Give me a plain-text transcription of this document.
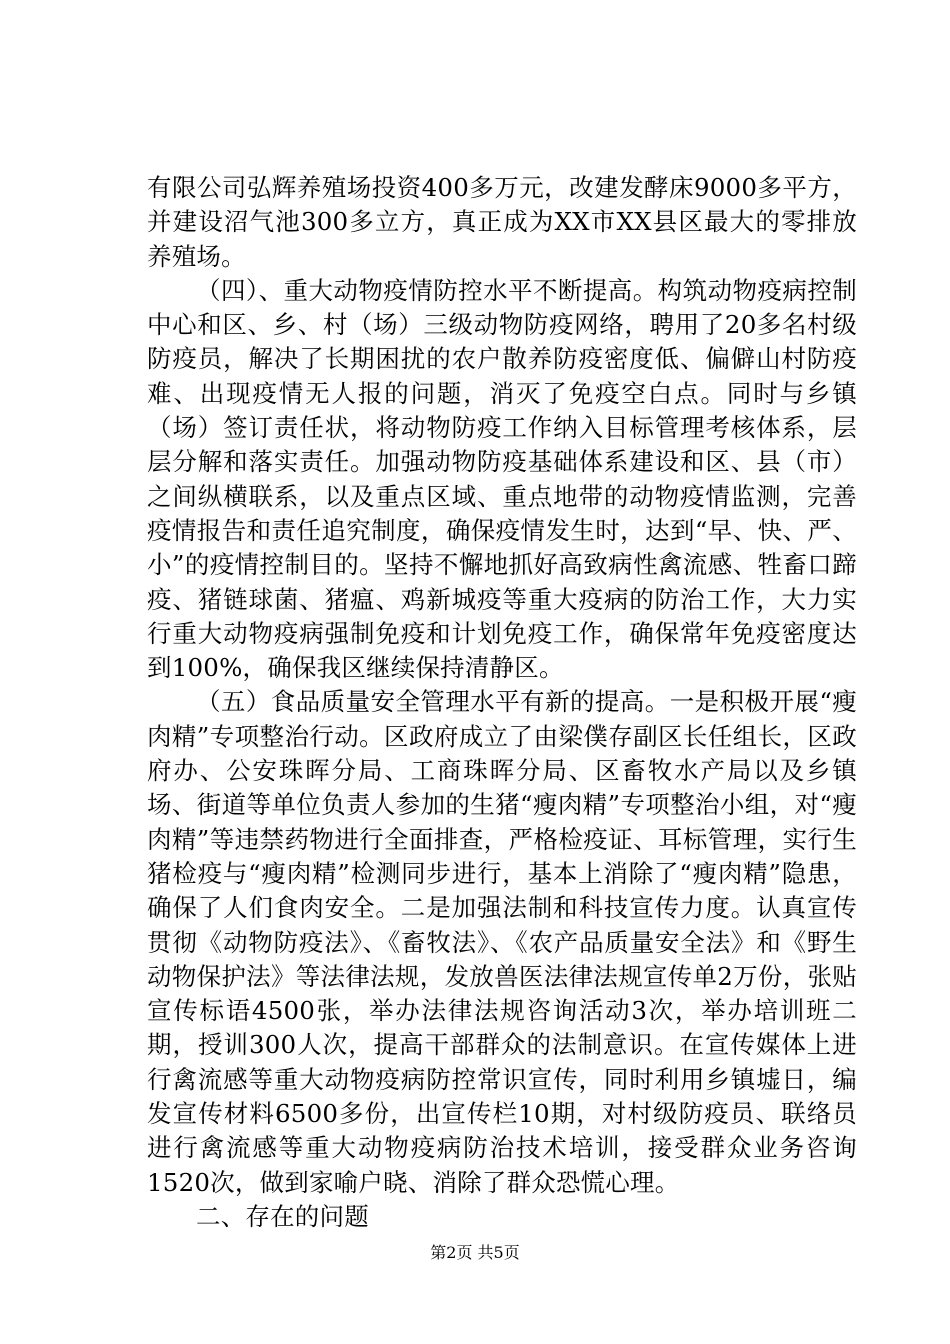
有限公司弘辉养殖场投资400多万元，改建发酵床9000多平方，并建设沼气池300多立方，真正成为XX市XX县区最大的零排放养殖场。

（四）、重大动物疫情防控水平不断提高。构筑动物疫病控制中心和区、乡、村（场）三级动物防疫网络，聘用了20多名村级防疫员，解决了长期困扰的农户散养防疫密度低、偏僻山村防疫难、出现疫情无人报的问题，消灭了免疫空白点。同时与乡镇（场）签订责任状，将动物防疫工作纳入目标管理考核体系，层层分解和落实责任。加强动物防疫基础体系建设和区、县（市）之间纵横联系，以及重点区域、重点地带的动物疫情监测，完善疫情报告和责任追究制度，确保疫情发生时，达到“早、快、严、小”的疫情控制目的。坚持不懈地抓好高致病性禽流感、牲畜口蹄疫、猪链球菌、猪瘟、鸡新城疫等重大疫病的防治工作，大力实行重大动物疫病强制免疫和计划免疫工作，确保常年免疫密度达到100%，确保我区继续保持清静区。

（五）食品质量安全管理水平有新的提高。一是积极开展“瘦肉精”专项整治行动。区政府成立了由梁僕存副区长任组长，区政府办、公安珠晖分局、工商珠晖分局、区畜牧水产局以及乡镇场、街道等单位负责人参加的生猪“瘦肉精”专项整治小组，对“瘦肉精”等违禁药物进行全面排查，严格检疫证、耳标管理，实行生猪检疫与“瘦肉精”检测同步进行，基本上消除了“瘦肉精”隐患，确保了人们食肉安全。二是加强法制和科技宣传力度。认真宣传贯彻《动物防疫法》、《畜牧法》、《农产品质量安全法》和《野生动物保护法》等法律法规，发放兽医法律法规宣传单2万份，张贴宣传标语4500张，举办法律法规咨询活动3次，举办培训班二期，授训300人次，提高干部群众的法制意识。在宣传媒体上进行禽流感等重大动物疫病防控常识宣传，同时利用乡镇墟日，编发宣传材料6500多份，出宣传栏10期，对村级防疫员、联络员进行禽流感等重大动物疫病防治技术培训，接受群众业务咨询1520次，做到家喻户晓、消除了群众恐慌心理。

二、存在的问题

第2页 共5页
